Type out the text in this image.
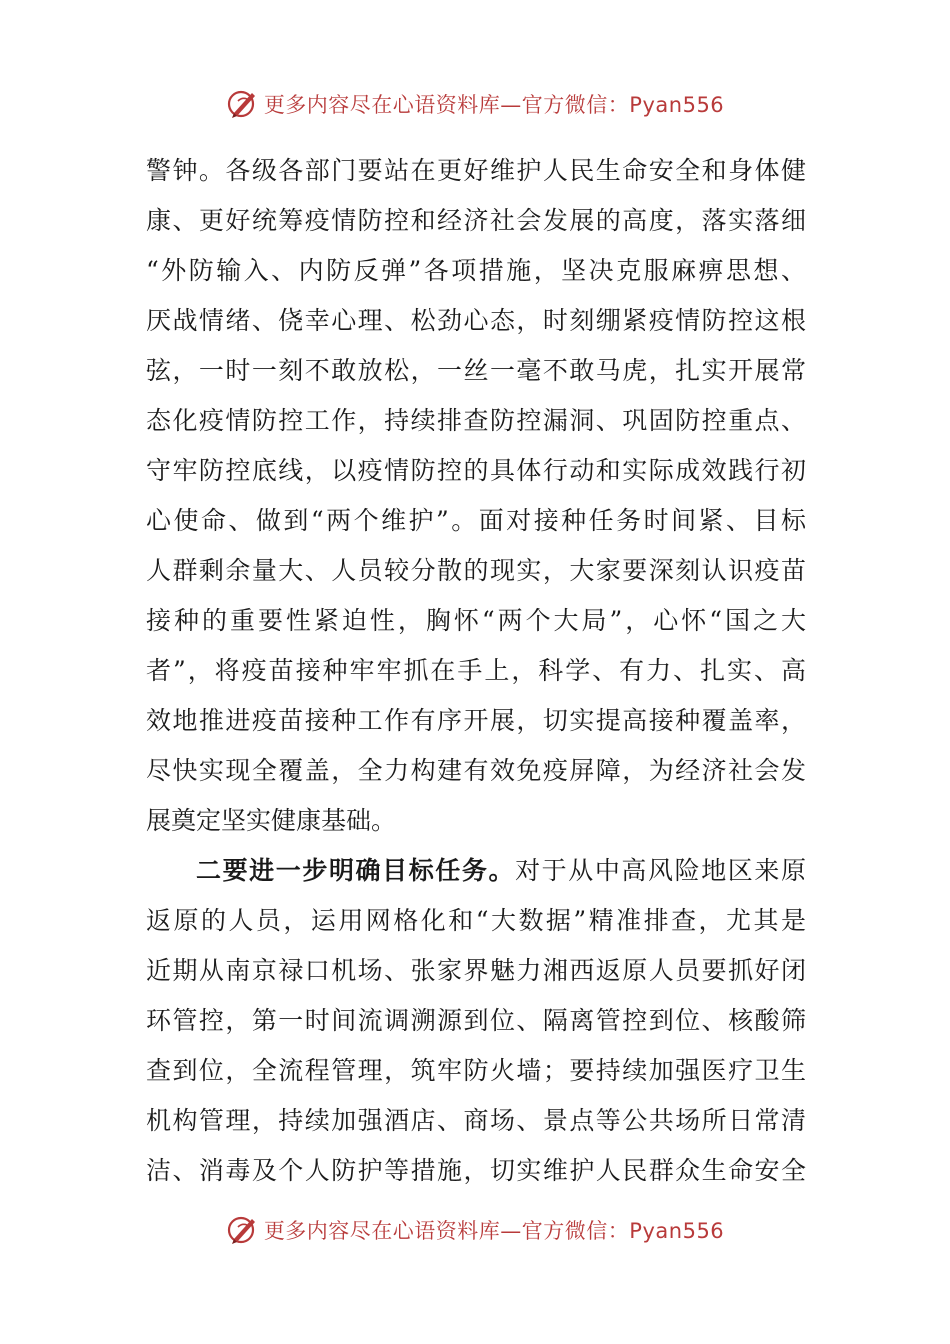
更多内容尽在心语资料库—官方微信：Pyan556
警钟。各级各部门要站在更好维护人民生命安全和身体健
康、更好统筹疫情防控和经济社会发展的高度，落实落细
“外防输入、内防反弹”各项措施，坚决克服麻痹思想、
厌战情绪、侥幸心理、松劲心态，时刻绷紧疫情防控这根
弦，一时一刻不敢放松，一丝一毫不敢马虎，扎实开展常
态化疫情防控工作，持续排查防控漏洞、巩固防控重点、
守牢防控底线，以疫情防控的具体行动和实际成效践行初
心使命、做到“两个维护”。面对接种任务时间紧、目标
人群剩余量大、人员较分散的现实，大家要深刻认识疫苗
接种的重要性紧迫性，胸怀“两个大局”，心怀“国之大
者”，将疫苗接种牢牢抓在手上，科学、有力、扎实、高
效地推进疫苗接种工作有序开展，切实提高接种覆盖率，
尽快实现全覆盖，全力构建有效免疫屏障，为经济社会发
展奠定坚实健康基础。
二要进一步明确目标任务。对于从中高风险地区来原
返原的人员，运用网格化和“大数据”精准排查，尤其是
近期从南京禄口机场、张家界魅力湘西返原人员要抓好闭
环管控，第一时间流调溯源到位、隔离管控到位、核酸筛
查到位，全流程管理，筑牢防火墙；要持续加强医疗卫生
机构管理，持续加强酒店、商场、景点等公共场所日常清
洁、消毒及个人防护等措施，切实维护人民群众生命安全
更多内容尽在心语资料库—官方微信：Pyan556
